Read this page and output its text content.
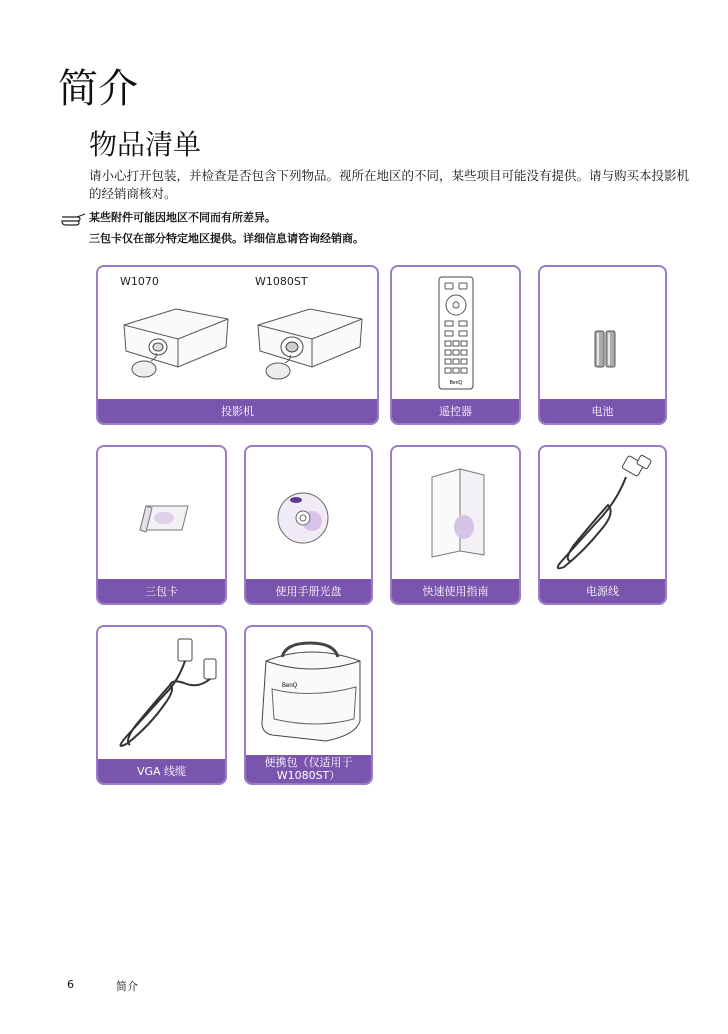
简介
物品清单

请小心打开包装，并检查是否包含下列物品。视所在地区的不同，某些项目可能没有提供。请与购买本投影机的经销商核对。

某些附件可能因地区不同而有所差异。
三包卡仅在部分特定地区提供。详细信息请咨询经销商。
W1070	W1080ST
投影机
BenQ
遥控器	电池
三包卡	使用手册光盘	快速使用指南	电源线
VGA 线缆
BenQ
便携包（仅适用于 W1080ST）
6	简介
